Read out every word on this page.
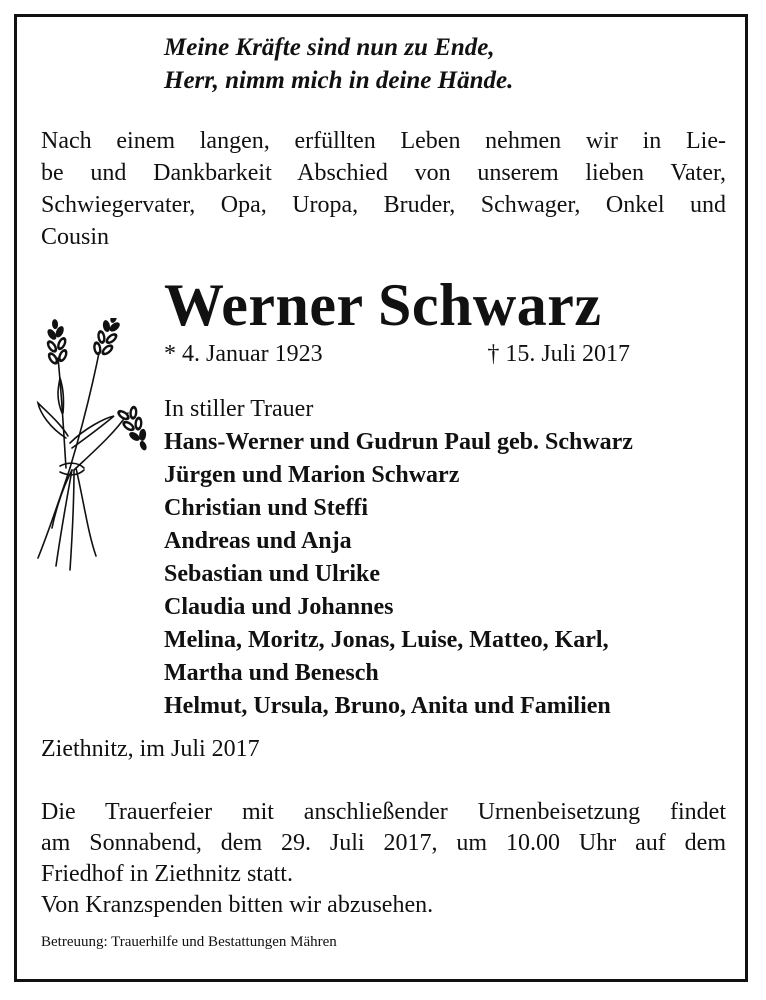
Meine Kräfte sind nun zu Ende,
Herr, nimm mich in deine Hände.
Nach einem langen, erfüllten Leben nehmen wir in Lie-
be und Dankbarkeit Abschied von unserem lieben Vater,
Schwiegervater, Opa, Uropa, Bruder, Schwager, Onkel und
Cousin
Werner Schwarz
* 4. Januar 1923	† 15. Juli 2017
In stiller Trauer
Hans-Werner und Gudrun Paul geb. Schwarz
Jürgen und Marion Schwarz
Christian und Steffi
Andreas und Anja
Sebastian und Ulrike
Claudia und Johannes
Melina, Moritz, Jonas, Luise, Matteo, Karl,
Martha und Benesch
Helmut, Ursula, Bruno, Anita und Familien
Ziethnitz, im Juli 2017
Die Trauerfeier mit anschließender Urnenbeisetzung findet
am Sonnabend, dem 29. Juli 2017, um 10.00 Uhr auf dem
Friedhof in Ziethnitz statt.
Von Kranzspenden bitten wir abzusehen.
Betreuung: Trauerhilfe und Bestattungen Mähren
